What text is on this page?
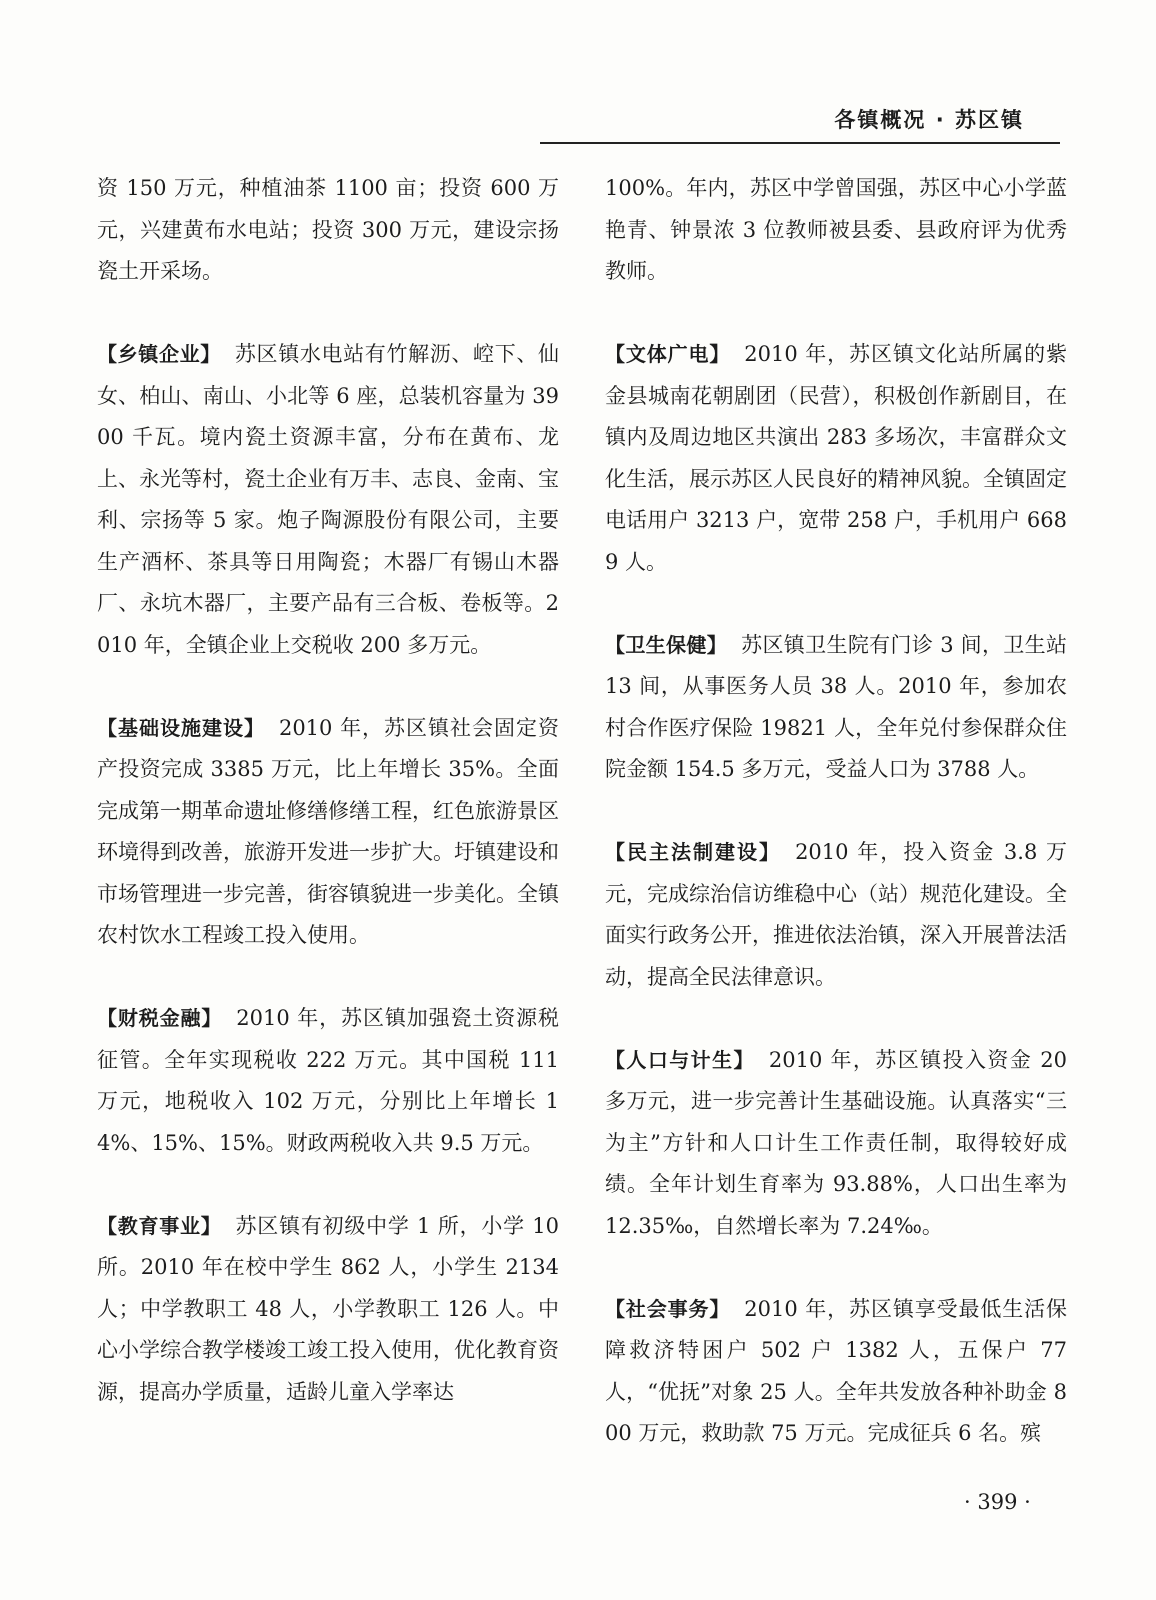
各镇概况 · 苏区镇

资 150 万元，种植油茶 1100 亩；投资 600 万元，兴建黄布水电站；投资 300 万元，建设宗扬瓷土开采场。

【乡镇企业】 苏区镇水电站有竹解沥、崆下、仙女、柏山、南山、小北等 6 座，总装机容量为 3900 千瓦。境内瓷土资源丰富，分布在黄布、龙上、永光等村，瓷土企业有万丰、志良、金南、宝利、宗扬等 5 家。炮子陶源股份有限公司，主要生产酒杯、茶具等日用陶瓷；木器厂有锡山木器厂、永坑木器厂，主要产品有三合板、卷板等。2010 年，全镇企业上交税收 200 多万元。

【基础设施建设】 2010 年，苏区镇社会固定资产投资完成 3385 万元，比上年增长 35%。全面完成第一期革命遗址修缮修缮工程，红色旅游景区环境得到改善，旅游开发进一步扩大。圩镇建设和市场管理进一步完善，街容镇貌进一步美化。全镇农村饮水工程竣工投入使用。

【财税金融】 2010 年，苏区镇加强瓷土资源税征管。全年实现税收 222 万元。其中国税 111 万元，地税收入 102 万元，分别比上年增长 14%、15%、15%。财政两税收入共 9.5 万元。

【教育事业】 苏区镇有初级中学 1 所，小学 10 所。2010 年在校中学生 862 人，小学生 2134 人；中学教职工 48 人，小学教职工 126 人。中心小学综合教学楼竣工竣工投入使用，优化教育资源，提高办学质量，适龄儿童入学率达

100%。年内，苏区中学曾国强，苏区中心小学蓝艳青、钟景浓 3 位教师被县委、县政府评为优秀教师。

【文体广电】 2010 年，苏区镇文化站所属的紫金县城南花朝剧团（民营），积极创作新剧目，在镇内及周边地区共演出 283 多场次，丰富群众文化生活，展示苏区人民良好的精神风貌。全镇固定电话用户 3213 户，宽带 258 户，手机用户 6689 人。

【卫生保健】 苏区镇卫生院有门诊 3 间，卫生站 13 间，从事医务人员 38 人。2010 年，参加农村合作医疗保险 19821 人，全年兑付参保群众住院金额 154.5 多万元，受益人口为 3788 人。

【民主法制建设】 2010 年，投入资金 3.8 万元，完成综治信访维稳中心（站）规范化建设。全面实行政务公开，推进依法治镇，深入开展普法活动，提高全民法律意识。

【人口与计生】 2010 年，苏区镇投入资金 20 多万元，进一步完善计生基础设施。认真落实“三为主”方针和人口计生工作责任制，取得较好成绩。全年计划生育率为 93.88%，人口出生率为 12.35‰，自然增长率为 7.24‰。

【社会事务】 2010 年，苏区镇享受最低生活保障救济特困户 502 户 1382 人，五保户 77 人，“优抚”对象 25 人。全年共发放各种补助金 800 万元，救助款 75 万元。完成征兵 6 名。殡

· 399 ·
